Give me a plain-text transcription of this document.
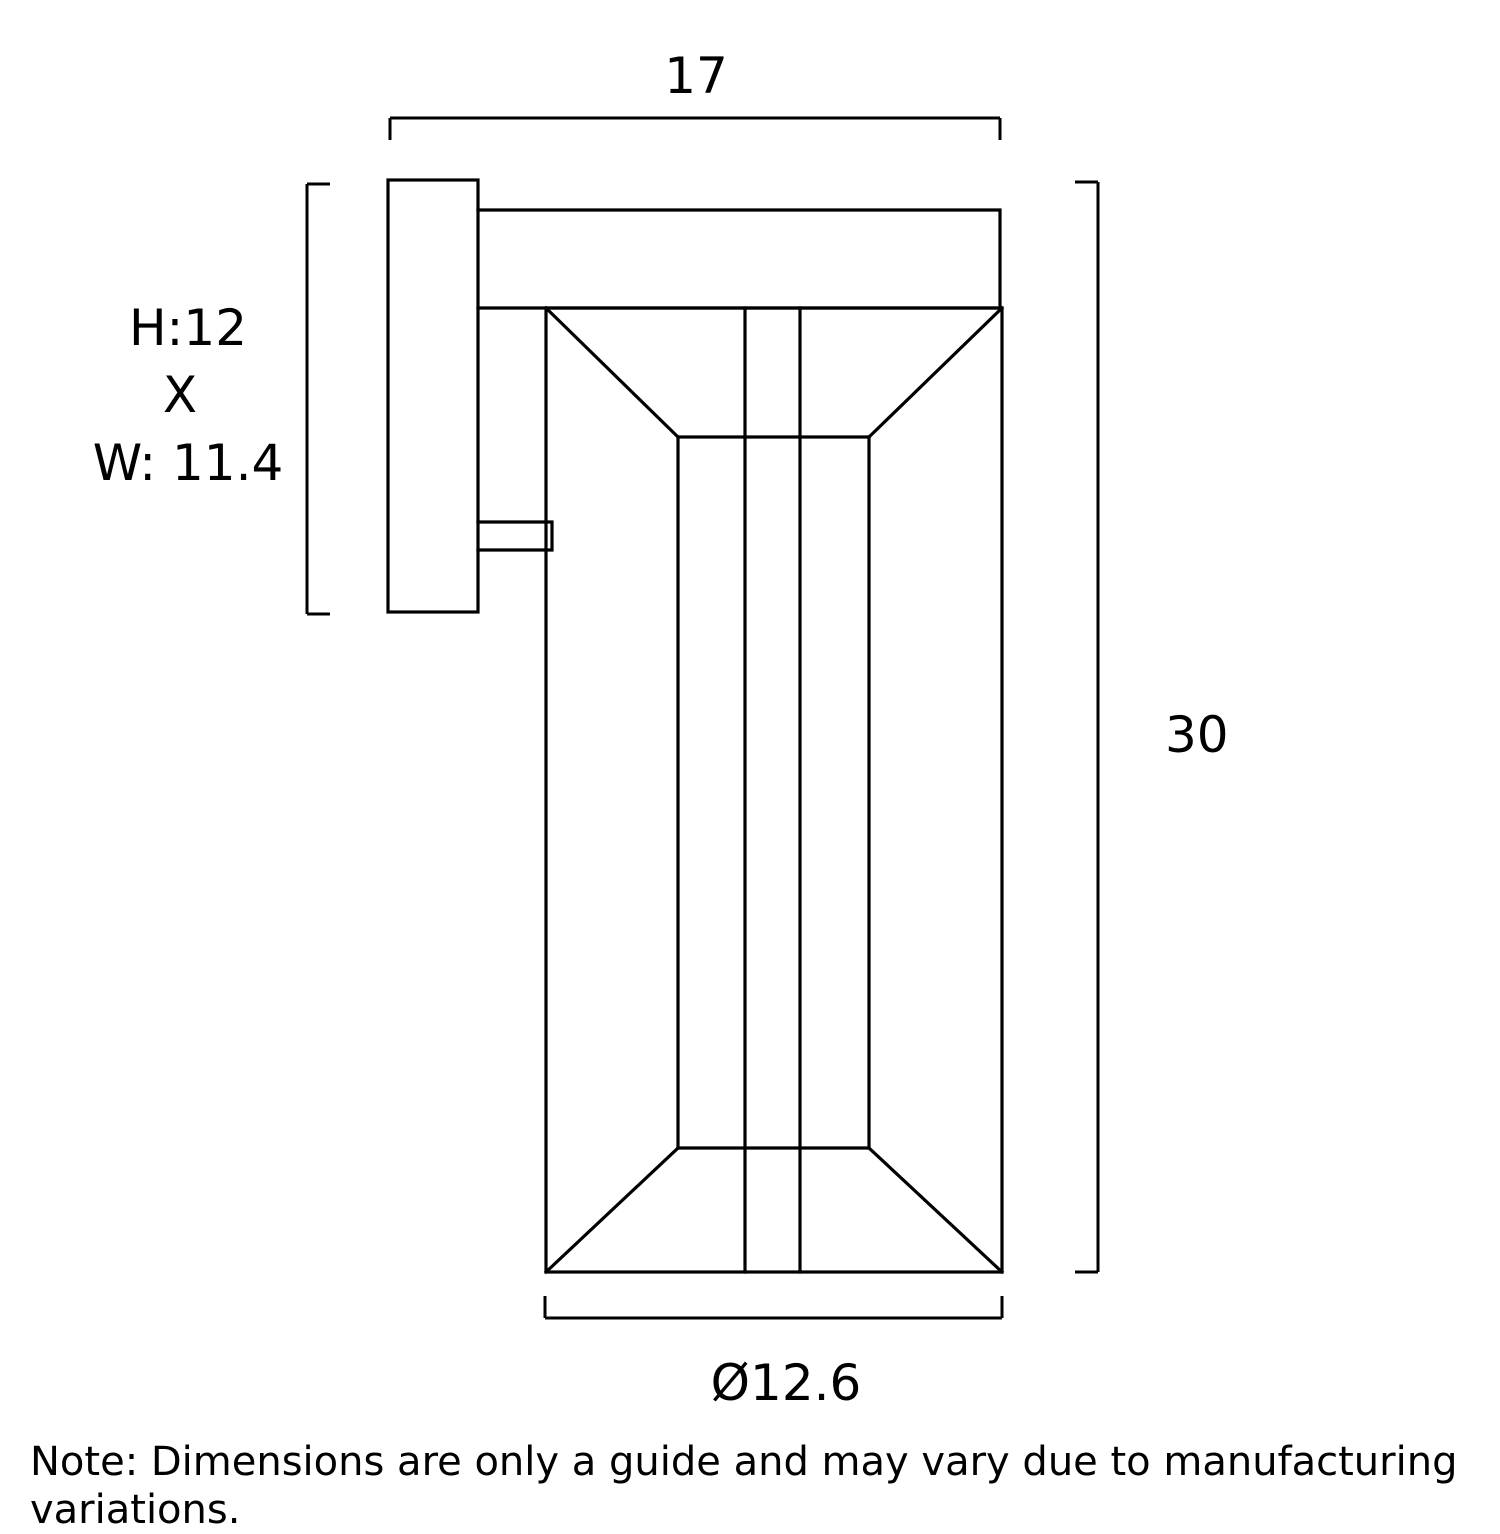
17
H:12
X
W: 11.4
30
Ø12.6
Note: Dimensions are only a guide and may vary due to manufacturing variations.
